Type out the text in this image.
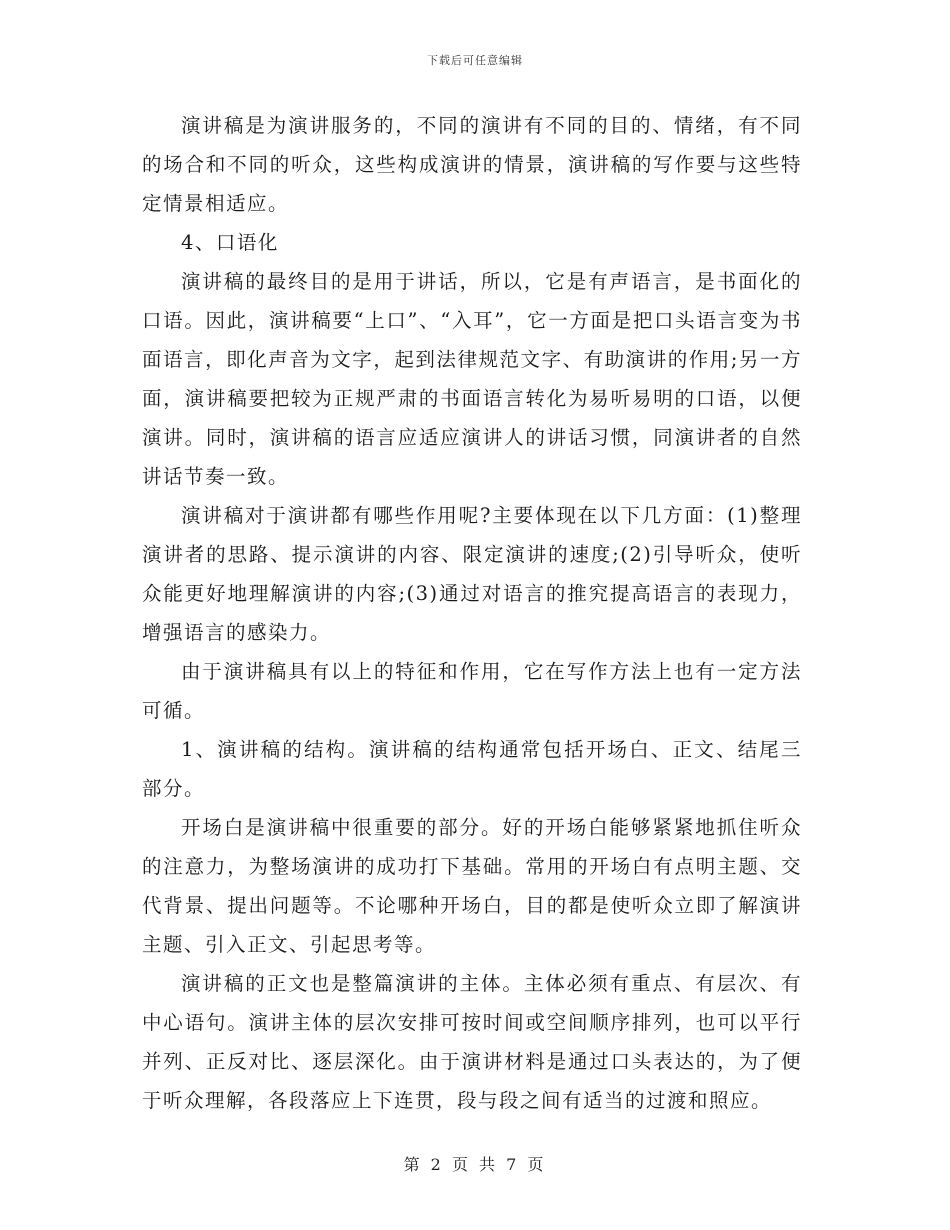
下载后可任意编辑

演讲稿是为演讲服务的，不同的演讲有不同的目的、情绪，有不同的场合和不同的听众，这些构成演讲的情景，演讲稿的写作要与这些特定情景相适应。

4、口语化

演讲稿的最终目的是用于讲话，所以，它是有声语言，是书面化的口语。因此，演讲稿要“上口”、“入耳”，它一方面是把口头语言变为书面语言，即化声音为文字，起到法律规范文字、有助演讲的作用;另一方面，演讲稿要把较为正规严肃的书面语言转化为易听易明的口语，以便演讲。同时，演讲稿的语言应适应演讲人的讲话习惯，同演讲者的自然讲话节奏一致。

演讲稿对于演讲都有哪些作用呢?主要体现在以下几方面：(1)整理演讲者的思路、提示演讲的内容、限定演讲的速度;(2)引导听众，使听众能更好地理解演讲的内容;(3)通过对语言的推究提高语言的表现力，增强语言的感染力。

由于演讲稿具有以上的特征和作用，它在写作方法上也有一定方法可循。

1、演讲稿的结构。演讲稿的结构通常包括开场白、正文、结尾三部分。

开场白是演讲稿中很重要的部分。好的开场白能够紧紧地抓住听众的注意力，为整场演讲的成功打下基础。常用的开场白有点明主题、交代背景、提出问题等。不论哪种开场白，目的都是使听众立即了解演讲主题、引入正文、引起思考等。

演讲稿的正文也是整篇演讲的主体。主体必须有重点、有层次、有中心语句。演讲主体的层次安排可按时间或空间顺序排列，也可以平行并列、正反对比、逐层深化。由于演讲材料是通过口头表达的，为了便于听众理解，各段落应上下连贯，段与段之间有适当的过渡和照应。

第 2 页 共 7 页
